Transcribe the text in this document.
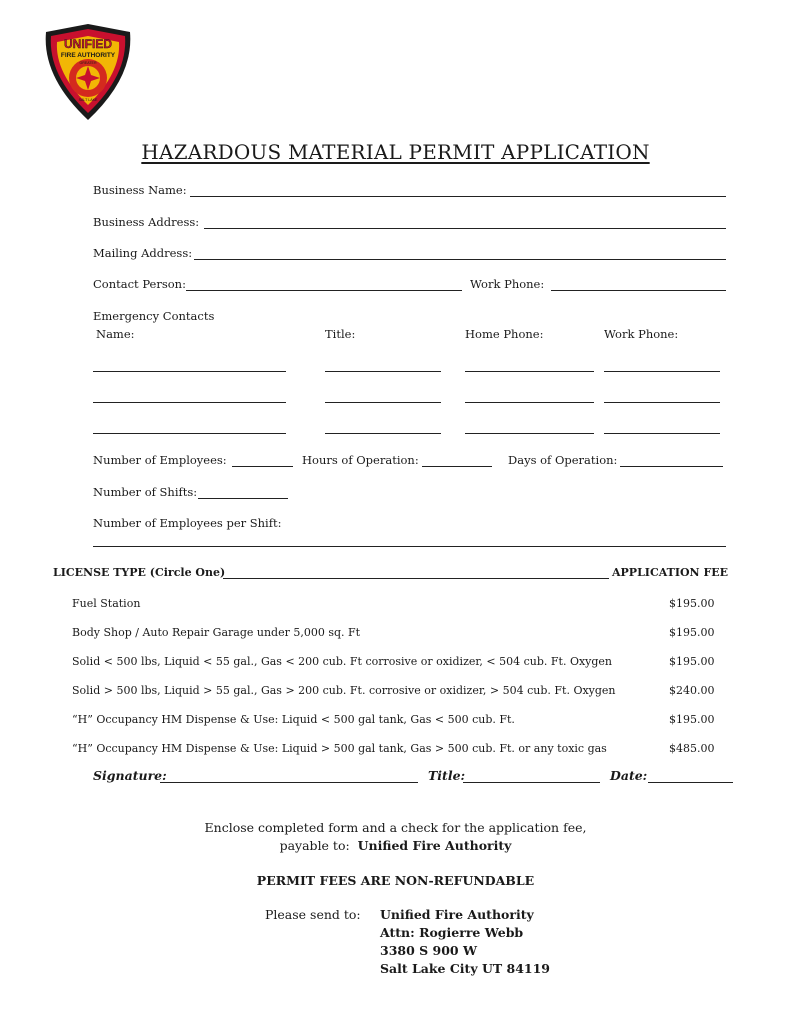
UNIFIED
FIRE AUTHORITY
GREATER
SALT LAKE
HAZARDOUS MATERIAL PERMIT APPLICATION
Business Name:
Business Address:
Mailing Address:
Contact Person:	Work Phone:
Emergency Contacts
Name:	Title:	Home Phone:	Work Phone:
Number of Employees:	Hours of Operation:	Days of Operation:
Number of Shifts:
Number of Employees per Shift:
LICENSE TYPE (Circle One)	APPLICATION FEE
Fuel Station	$195.00
Body Shop / Auto Repair Garage under 5,000 sq. Ft	$195.00
Solid < 500 lbs, Liquid < 55 gal., Gas < 200 cub. Ft corrosive or oxidizer, < 504 cub. Ft. Oxygen	$195.00
Solid > 500 lbs, Liquid > 55 gal., Gas > 200 cub. Ft. corrosive or oxidizer, > 504 cub. Ft. Oxygen	$240.00
“H” Occupancy HM Dispense & Use: Liquid < 500 gal tank, Gas < 500 cub. Ft.	$195.00
“H” Occupancy HM Dispense & Use: Liquid > 500 gal tank, Gas > 500 cub. Ft. or any toxic gas	$485.00
Signature:	Title:	Date:
Enclose completed form and a check for the application fee,
payable to: Unified Fire Authority
PERMIT FEES ARE NON-REFUNDABLE
Please send to: Unified Fire Authority
Attn: Rogierre Webb
3380 S 900 W
Salt Lake City UT 84119
